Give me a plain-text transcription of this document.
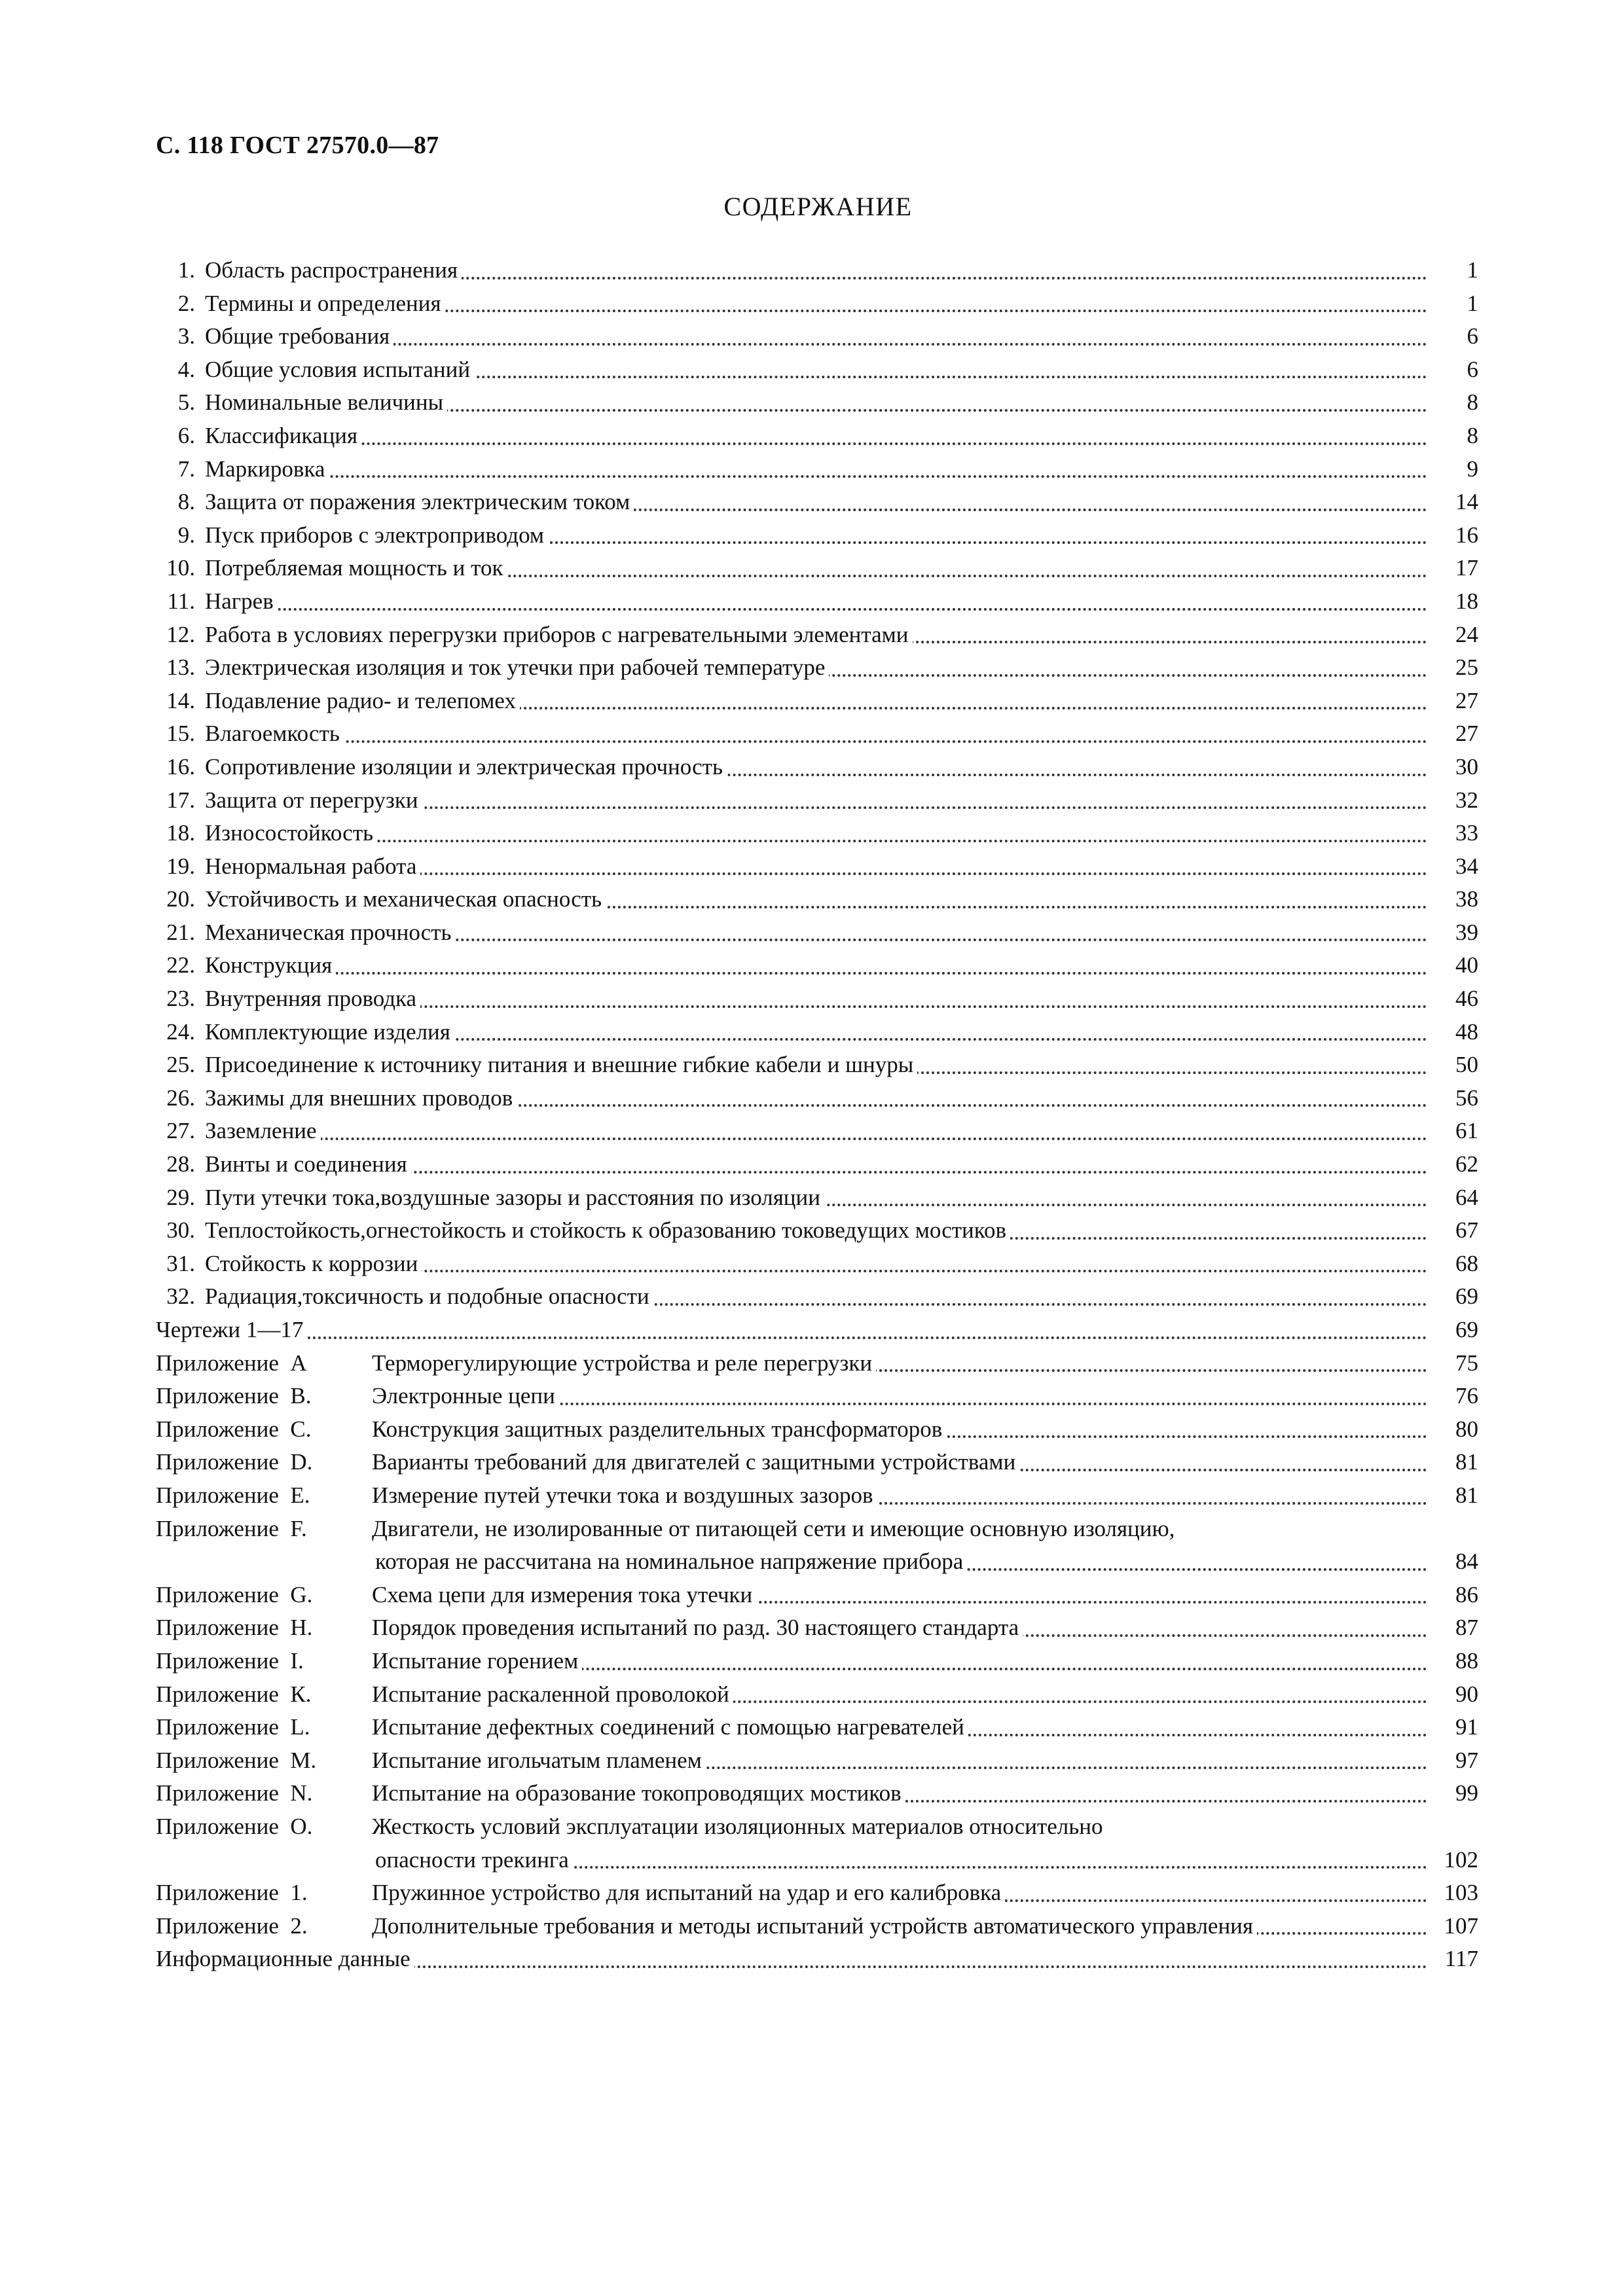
С. 118 ГОСТ 27570.0—87
СОДЕРЖАНИЕ
1. Область распространения	1
2. Термины и определения	1
3. Общие требования	6
4. Общие условия испытаний	6
5. Номинальные величины	8
6. Классификация	8
7. Маркировка	9
8. Защита от поражения электрическим током	14
9. Пуск приборов с электроприводом	16
10. Потребляемая мощность и ток	17
11. Нагрев	18
12. Работа в условиях перегрузки приборов с нагревательными элементами	24
13. Электрическая изоляция и ток утечки при рабочей температуре	25
14. Подавление радио- и телепомех	27
15. Влагоемкость	27
16. Сопротивление изоляции и электрическая прочность	30
17. Защита от перегрузки	32
18. Износостойкость	33
19. Ненормальная работа	34
20. Устойчивость и механическая опасность	38
21. Механическая прочность	39
22. Конструкция	40
23. Внутренняя проводка	46
24. Комплектующие изделия	48
25. Присоединение к источнику питания и внешние гибкие кабели и шнуры	50
26. Зажимы для внешних проводов	56
27. Заземление	61
28. Винты и соединения	62
29. Пути утечки тока,воздушные зазоры и расстояния по изоляции	64
30. Теплостойкость,огнестойкость и стойкость к образованию токоведущих мостиков	67
31. Стойкость к коррозии	68
32. Радиация,токсичность и подобные опасности	69
Чертежи 1—17	69
Приложение  А	Терморегулирующие устройства и реле перегрузки	75
Приложение  В.	Электронные цепи	76
Приложение  С.	Конструкция защитных разделительных трансформаторов	80
Приложение  D.	Варианты требований для двигателей с защитными устройствами	81
Приложение  Е.	Измерение путей утечки тока и воздушных зазоров	81
Приложение  F.	Двигатели, не изолированные от питающей сети и имеющие основную изоляцию,
которая не рассчитана на номинальное напряжение прибора	84
Приложение  G.	Схема цепи для измерения тока утечки	86
Приложение  Н.	Порядок проведения испытаний по разд. 30 настоящего стандарта	87
Приложение  I.	Испытание горением	88
Приложение  К.	Испытание раскаленной проволокой	90
Приложение  L.	Испытание дефектных соединений с помощью нагревателей	91
Приложение  М.	Испытание игольчатым пламенем	97
Приложение  N.	Испытание на образование токопроводящих мостиков	99
Приложение  О.	Жесткость условий эксплуатации изоляционных материалов относительно
опасности трекинга	102
Приложение  1.	Пружинное устройство для испытаний на удар и его калибровка	103
Приложение  2.	Дополнительные требования и методы испытаний устройств автоматического управления	107
Информационные данные	117
